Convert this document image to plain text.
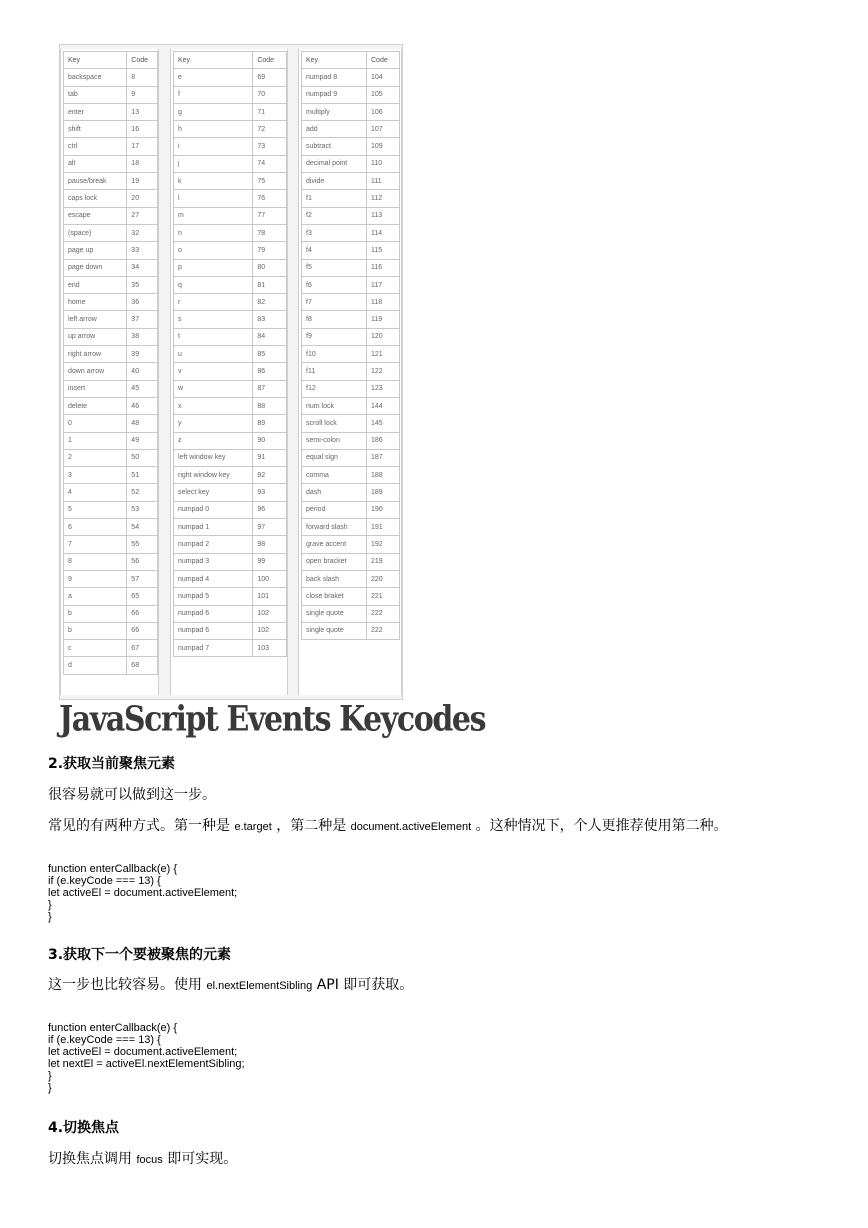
Key	Code
backspace	8
tab	9
enter	13
shift	16
ctrl	17
alt	18
pause/break	19
caps lock	20
escape	27
(space)	32
page up	33
page down	34
end	35
home	36
left arrow	37
up arrow	38
right arrow	39
down arrow	40
insert	45
delete	46
0	48
1	49
2	50
3	51
4	52
5	53
6	54
7	55
8	56
9	57
a	65
b	66
b	66
c	67
d	68
Key	Code
e	69
f	70
g	71
h	72
i	73
j	74
k	75
l	76
m	77
n	78
o	79
p	80
q	81
r	82
s	83
t	84
u	85
v	86
w	87
x	88
y	89
z	90
left window key	91
right window key	92
select key	93
numpad 0	96
numpad 1	97
numpad 2	98
numpad 3	99
numpad 4	100
numpad 5	101
numpad 6	102
numpad 6	102
numpad 7	103
Key	Code
numpad 8	104
numpad 9	105
multiply	106
add	107
subtract	109
decimal point	110
divide	111
f1	112
f2	113
f3	114
f4	115
f5	116
f6	117
f7	118
f8	119
f9	120
f10	121
f11	122
f12	123
num lock	144
scroll lock	145
semi-colon	186
equal sign	187
comma	188
dash	189
period	190
forward slash	191
grave accent	192
open bracket	219
back slash	220
close braket	221
single quote	222
single quote	222
JavaScript Events Keycodes
2.获取当前聚焦元素
很容易就可以做到这一步。
常见的有两种方式。第一种是 e.target ，第二种是 document.activeElement 。这种情况下，个人更推荐使用第二种。
function enterCallback(e) {
if (e.keyCode === 13) {
let activeEl = document.activeElement;
}
}
3.获取下一个要被聚焦的元素
这一步也比较容易。使用 el.nextElementSibling API 即可获取。
function enterCallback(e) {
if (e.keyCode === 13) {
let activeEl = document.activeElement;
let nextEl = activeEl.nextElementSibling;
}
}
4.切换焦点
切换焦点调用 focus 即可实现。
